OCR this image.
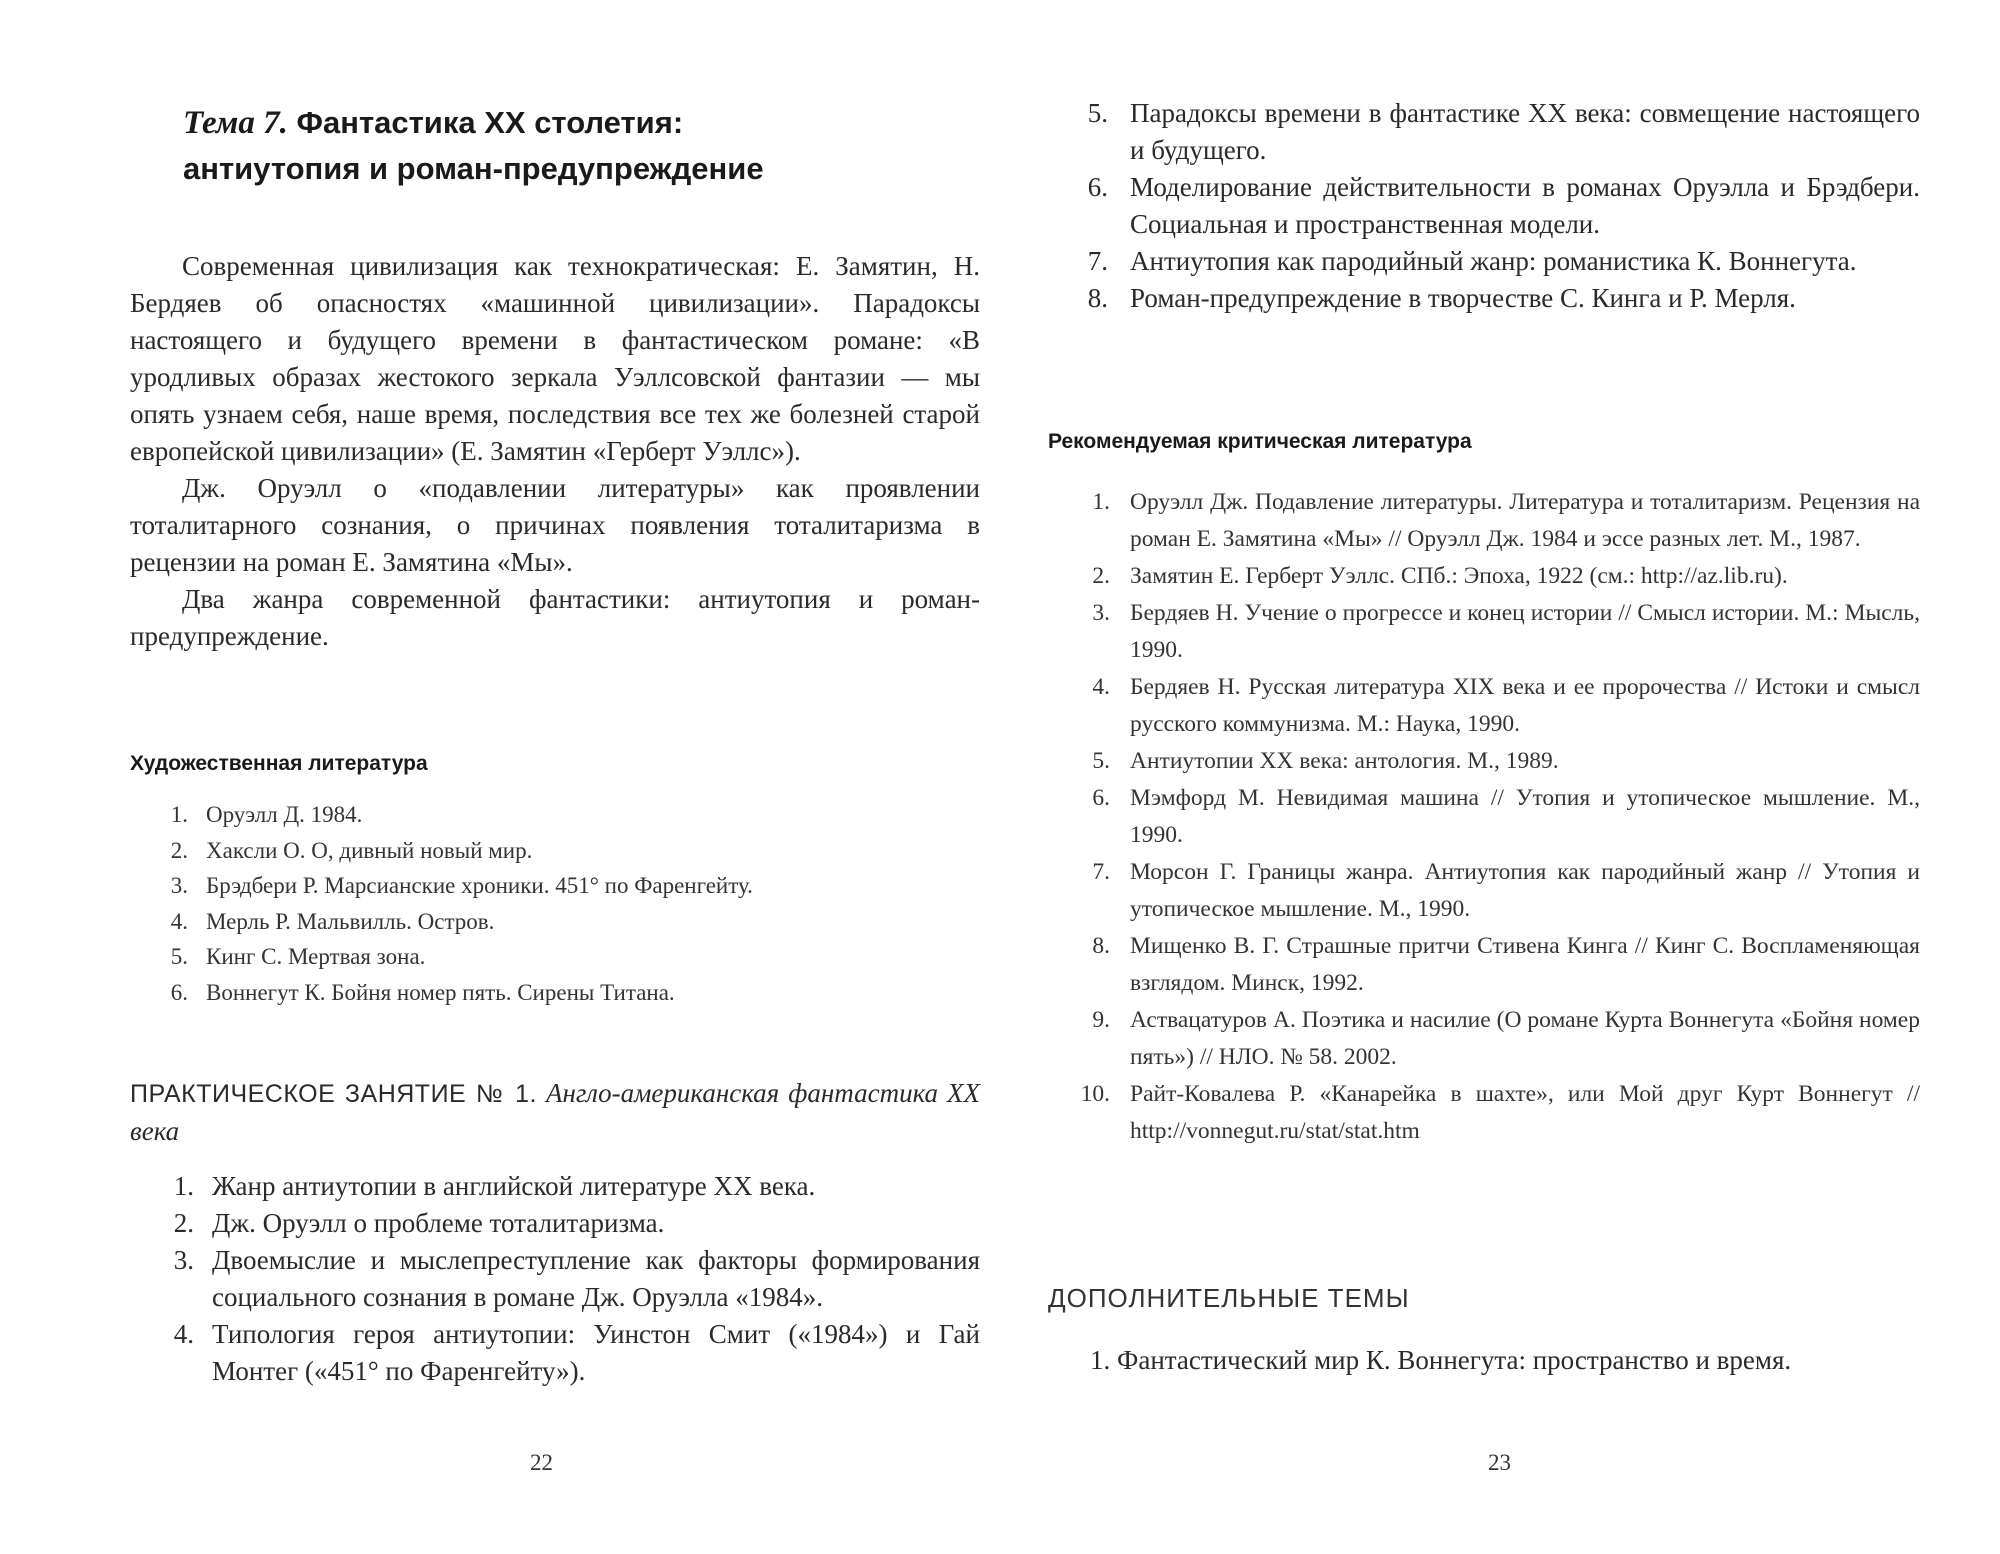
Тема 7. Фантастика XX столетия:
антиутопия и роман-предупреждение

Современная цивилизация как технократическая: Е. Замятин, Н. Бердяев об опасностях «машинной цивилизации». Парадоксы настоящего и будущего времени в фантастическом романе: «В уродливых образах жестокого зеркала Уэллсовской фантазии — мы опять узнаем себя, наше время, последствия все тех же болезней старой европейской цивилизации» (Е. Замятин «Герберт Уэллс»).

Дж. Оруэлл о «подавлении литературы» как проявлении тоталитарного сознания, о причинах появления тоталитаризма в рецензии на роман Е. Замятина «Мы».

Два жанра современной фантастики: антиутопия и роман-предупреждение.

Художественная литература
1. Оруэлл Д. 1984.
2. Хаксли О. О, дивный новый мир.
3. Брэдбери Р. Марсианские хроники. 451° по Фаренгейту.
4. Мерль Р. Мальвилль. Остров.
5. Кинг С. Мертвая зона.
6. Воннегут К. Бойня номер пять. Сирены Титана.
ПРАКТИЧЕСКОЕ ЗАНЯТИЕ № 1. Англо-американская фантастика XX века
1. Жанр антиутопии в английской литературе XX века.
2. Дж. Оруэлл о проблеме тоталитаризма.
3. Двоемыслие и мыслепреступление как факторы формирования социального сознания в романе Дж. Оруэлла «1984».
4. Типология героя антиутопии: Уинстон Смит («1984») и Гай Монтег («451° по Фаренгейту»).
22
5. Парадоксы времени в фантастике XX века: совмещение настоящего и будущего.
6. Моделирование действительности в романах Оруэлла и Брэдбери. Социальная и пространственная модели.
7. Антиутопия как пародийный жанр: романистика К. Воннегута.
8. Роман-предупреждение в творчестве С. Кинга и Р. Мерля.
Рекомендуемая критическая литература
1. Оруэлл Дж. Подавление литературы. Литература и тоталитаризм. Рецензия на роман Е. Замятина «Мы» // Оруэлл Дж. 1984 и эссе разных лет. М., 1987.
2. Замятин Е. Герберт Уэллс. СПб.: Эпоха, 1922 (см.: http://az.lib.ru).
3. Бердяев Н. Учение о прогрессе и конец истории // Смысл истории. М.: Мысль, 1990.
4. Бердяев Н. Русская литература XIX века и ее пророчества // Истоки и смысл русского коммунизма. М.: Наука, 1990.
5. Антиутопии XX века: антология. М., 1989.
6. Мэмфорд М. Невидимая машина // Утопия и утопическое мышление. М., 1990.
7. Морсон Г. Границы жанра. Антиутопия как пародийный жанр // Утопия и утопическое мышление. М., 1990.
8. Мищенко В. Г. Страшные притчи Стивена Кинга // Кинг С. Воспламеняющая взглядом. Минск, 1992.
9. Аствацатуров А. Поэтика и насилие (О романе Курта Воннегута «Бойня номер пять») // НЛО. № 58. 2002.
10. Райт-Ковалева Р. «Канарейка в шахте», или Мой друг Курт Воннегут // http://vonnegut.ru/stat/stat.htm
ДОПОЛНИТЕЛЬНЫЕ ТЕМЫ

1. Фантастический мир К. Воннегута: пространство и время.

23
